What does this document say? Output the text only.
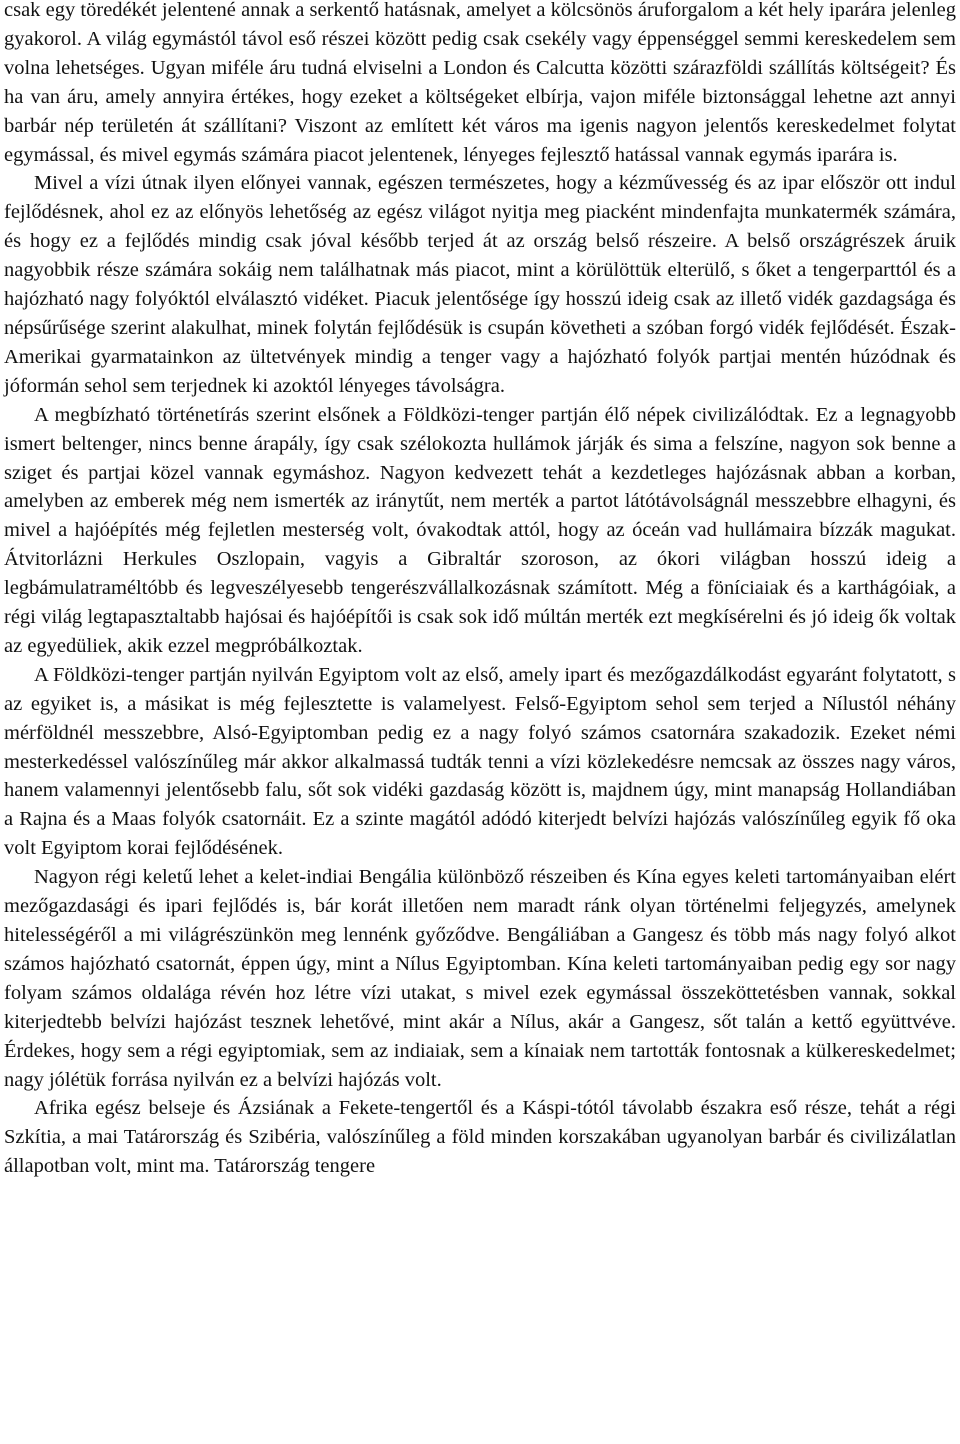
csak egy töredékét jelentené annak a serkentő hatásnak, amelyet a kölcsönös áruforgalom a két hely iparára jelenleg gyakorol. A világ egymástól távol eső részei között pedig csak csekély vagy éppenséggel semmi kereskedelem sem volna lehetséges. Ugyan miféle áru tudná elviselni a London és Calcutta közötti szárazföldi szállítás költségeit? És ha van áru, amely annyira értékes, hogy ezeket a költségeket elbírja, vajon miféle biztonsággal lehetne azt annyi barbár nép területén át szállítani? Viszont az említett két város ma igenis nagyon jelentős kereskedelmet folytat egymással, és mivel egymás számára piacot jelentenek, lényeges fejlesztő hatással vannak egymás iparára is.

Mivel a vízi útnak ilyen előnyei vannak, egészen természetes, hogy a kézművesség és az ipar először ott indul fejlődésnek, ahol ez az előnyös lehetőség az egész világot nyitja meg piacként mindenfajta munkatermék számára, és hogy ez a fejlődés mindig csak jóval később terjed át az ország belső részeire. A belső országrészek áruik nagyobbik része számára sokáig nem találhatnak más piacot, mint a körülöttük elterülő, s őket a tengerparttól és a hajózható nagy folyóktól elválasztó vidéket. Piacuk jelentősége így hosszú ideig csak az illető vidék gazdagsága és népsűrűsége szerint alakulhat, minek folytán fejlődésük is csupán követheti a szóban forgó vidék fejlődését. Észak-Amerikai gyarmatainkon az ültetvények mindig a tenger vagy a hajózható folyók partjai mentén húzódnak és jóformán sehol sem terjednek ki azoktól lényeges távolságra.

A megbízható történetírás szerint elsőnek a Földközi-tenger partján élő népek civilizálódtak. Ez a legnagyobb ismert beltenger, nincs benne árapály, így csak szélokozta hullámok járják és sima a felszíne, nagyon sok benne a sziget és partjai közel vannak egymáshoz. Nagyon kedvezett tehát a kezdetleges hajózásnak abban a korban, amelyben az emberek még nem ismerték az iránytűt, nem merték a partot látótávolságnál messzebbre elhagyni, és mivel a hajóépítés még fejletlen mesterség volt, óvakodtak attól, hogy az óceán vad hullámaira bízzák magukat. Átvitorlázni Herkules Oszlopain, vagyis a Gibraltár szoroson, az ókori világban hosszú ideig a legbámulatraméltóbb és legveszélyesebb tengerészvállalkozásnak számított. Még a föníciaiak és a karthágóiak, a régi világ legtapasztaltabb hajósai és hajóépítői is csak sok idő múltán merték ezt megkísérelni és jó ideig ők voltak az egyedüliek, akik ezzel megpróbálkoztak.

A Földközi-tenger partján nyilván Egyiptom volt az első, amely ipart és mezőgazdálkodást egyaránt folytatott, s az egyiket is, a másikat is még fejlesztette is valamelyest. Felső-Egyiptom sehol sem terjed a Nílustól néhány mérföldnél messzebbre, Alsó-Egyiptomban pedig ez a nagy folyó számos csatornára szakadozik. Ezeket némi mesterkedéssel valószínűleg már akkor alkalmassá tudták tenni a vízi közlekedésre nemcsak az összes nagy város, hanem valamennyi jelentősebb falu, sőt sok vidéki gazdaság között is, majdnem úgy, mint manapság Hollandiában a Rajna és a Maas folyók csatornáit. Ez a szinte magától adódó kiterjedt belvízi hajózás valószínűleg egyik fő oka volt Egyiptom korai fejlődésének.

Nagyon régi keletű lehet a kelet-indiai Bengália különböző részeiben és Kína egyes keleti tartományaiban elért mezőgazdasági és ipari fejlődés is, bár korát illetően nem maradt ránk olyan történelmi feljegyzés, amelynek hitelességéről a mi világrészünkön meg lennénk győződve. Bengáliában a Gangesz és több más nagy folyó alkot számos hajózható csatornát, éppen úgy, mint a Nílus Egyiptomban. Kína keleti tartományaiban pedig egy sor nagy folyam számos oldalága révén hoz létre vízi utakat, s mivel ezek egymással összeköttetésben vannak, sokkal kiterjedtebb belvízi hajózást tesznek lehetővé, mint akár a Nílus, akár a Gangesz, sőt talán a kettő együttvéve. Érdekes, hogy sem a régi egyiptomiak, sem az indiaiak, sem a kínaiak nem tartották fontosnak a külkereskedelmet; nagy jólétük forrása nyilván ez a belvízi hajózás volt.

Afrika egész belseje és Ázsiának a Fekete-tengertől és a Káspi-tótól távolabb északra eső része, tehát a régi Szkítia, a mai Tatárország és Szibéria, valószínűleg a föld minden korszakában ugyanolyan barbár és civilizálatlan állapotban volt, mint ma. Tatárország tengere
